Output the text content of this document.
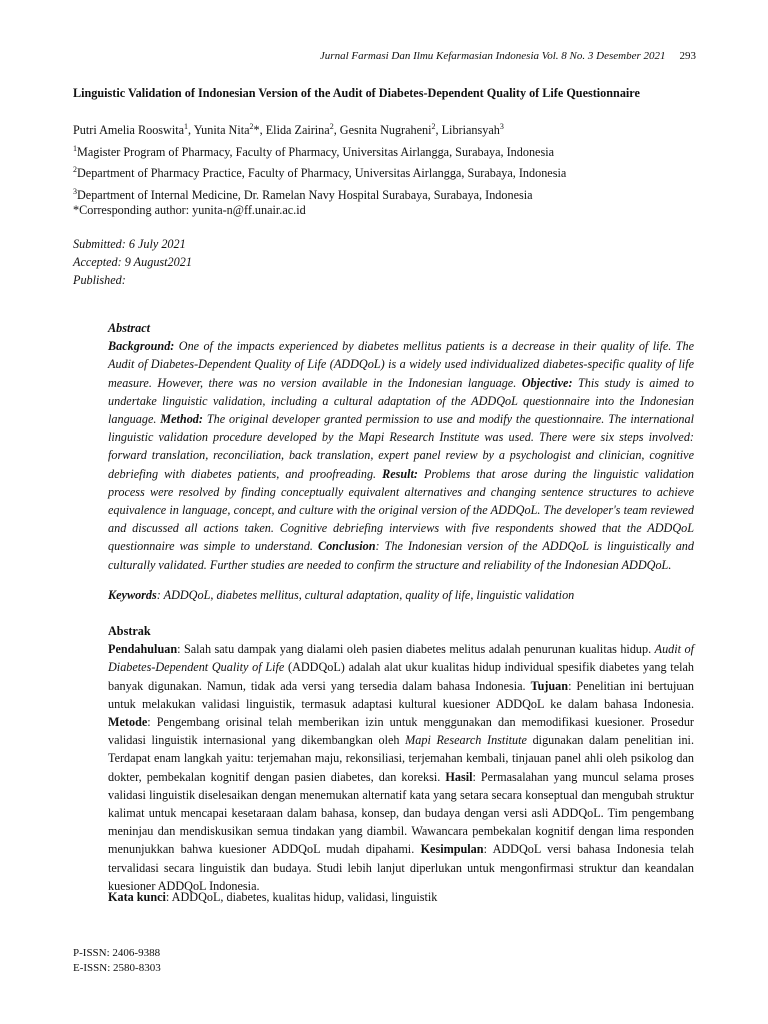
Jurnal Farmasi Dan Ilmu Kefarmasian Indonesia Vol. 8 No. 3 Desember 2021 293
Linguistic Validation of Indonesian Version of the Audit of Diabetes-Dependent Quality of Life Questionnaire
Putri Amelia Rooswita$^1$, Yunita Nita$^2$*, Elida Zairina$^2$, Gesnita Nugraheni$^2$, Libriansyah$^3$
$^1$Magister Program of Pharmacy, Faculty of Pharmacy, Universitas Airlangga, Surabaya, Indonesia
$^2$Department of Pharmacy Practice, Faculty of Pharmacy, Universitas Airlangga, Surabaya, Indonesia
$^3$Department of Internal Medicine, Dr. Ramelan Navy Hospital Surabaya, Surabaya, Indonesia
*Corresponding author: yunita-n@ff.unair.ac.id
Submitted: 6 July 2021
Accepted: 9 August2021
Published:

Abstract

Background: One of the impacts experienced by diabetes mellitus patients is a decrease in their quality of life. The Audit of Diabetes-Dependent Quality of Life (ADDQoL) is a widely used individualized diabetes-specific quality of life measure. However, there was no version available in the Indonesian language. Objective: This study is aimed to undertake linguistic validation, including a cultural adaptation of the ADDQoL questionnaire into the Indonesian language. Method: The original developer granted permission to use and modify the questionnaire. The international linguistic validation procedure developed by the Mapi Research Institute was used. There were six steps involved: forward translation, reconciliation, back translation, expert panel review by a psychologist and clinician, cognitive debriefing with diabetes patients, and proofreading. Result: Problems that arose during the linguistic validation process were resolved by finding conceptually equivalent alternatives and changing sentence structures to achieve equivalence in language, concept, and culture with the original version of the ADDQoL. The developer's team reviewed and discussed all actions taken. Cognitive debriefing interviews with five respondents showed that the ADDQoL questionnaire was simple to understand. Conclusion: The Indonesian version of the ADDQoL is linguistically and culturally validated. Further studies are needed to confirm the structure and reliability of the Indonesian ADDQoL.

Keywords: ADDQoL, diabetes mellitus, cultural adaptation, quality of life, linguistic validation

Abstrak

Pendahuluan: Salah satu dampak yang dialami oleh pasien diabetes melitus adalah penurunan kualitas hidup. Audit of Diabetes-Dependent Quality of Life (ADDQoL) adalah alat ukur kualitas hidup individual spesifik diabetes yang telah banyak digunakan. Namun, tidak ada versi yang tersedia dalam bahasa Indonesia. Tujuan: Penelitian ini bertujuan untuk melakukan validasi linguistik, termasuk adaptasi kultural kuesioner ADDQoL ke dalam bahasa Indonesia. Metode: Pengembang orisinal telah memberikan izin untuk menggunakan dan memodifikasi kuesioner. Prosedur validasi linguistik internasional yang dikembangkan oleh Mapi Research Institute digunakan dalam penelitian ini. Terdapat enam langkah yaitu: terjemahan maju, rekonsiliasi, terjemahan kembali, tinjauan panel ahli oleh psikolog dan dokter, pembekalan kognitif dengan pasien diabetes, dan koreksi. Hasil: Permasalahan yang muncul selama proses validasi linguistik diselesaikan dengan menemukan alternatif kata yang setara secara konseptual dan mengubah struktur kalimat untuk mencapai kesetaraan dalam bahasa, konsep, dan budaya dengan versi asli ADDQoL. Tim pengembang meninjau dan mendiskusikan semua tindakan yang diambil. Wawancara pembekalan kognitif dengan lima responden menunjukkan bahwa kuesioner ADDQoL mudah dipahami. Kesimpulan: ADDQoL versi bahasa Indonesia telah tervalidasi secara linguistik dan budaya. Studi lebih lanjut diperlukan untuk mengonfirmasi struktur dan keandalan kuesioner ADDQoL Indonesia.

Kata kunci: ADDQoL, diabetes, kualitas hidup, validasi, linguistik
P-ISSN: 2406-9388
E-ISSN: 2580-8303
